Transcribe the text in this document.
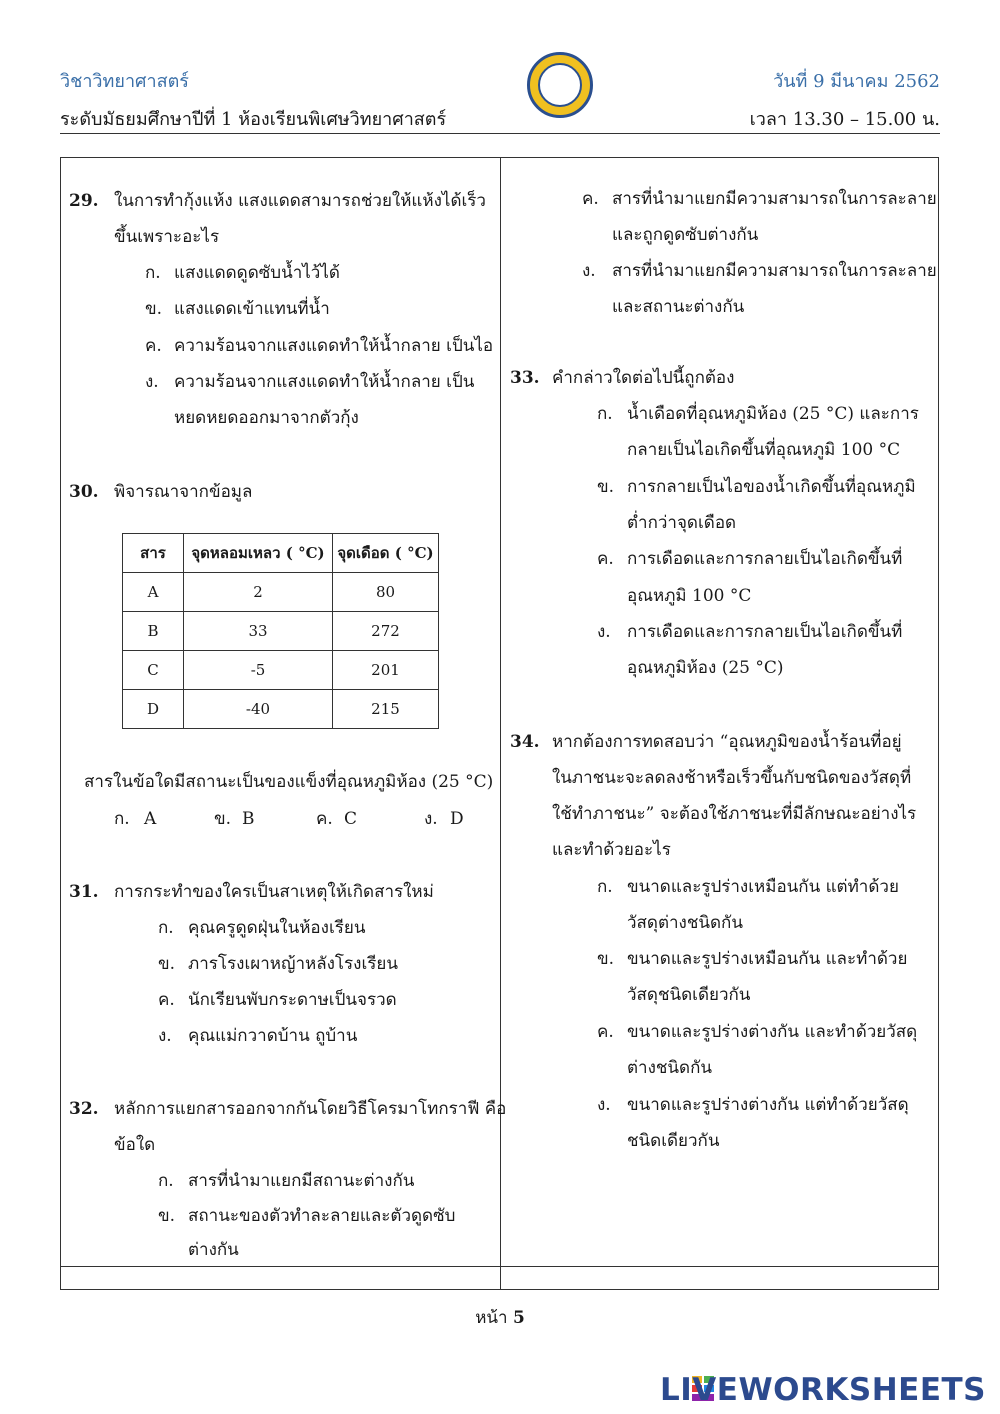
วิชาวิทยาศาสตร์
ระดับมัธยมศึกษาปีที่ 1 ห้องเรียนพิเศษวิทยาศาสตร์
วันที่ 9 มีนาคม 2562
เวลา 13.30 – 15.00 น.
29. ในการทำกุ้งแห้ง แสงแดดสามารถช่วยให้แห้งได้เร็ว
ขึ้นเพราะอะไร
ก. แสงแดดดูดซับน้ำไว้ได้
ข. แสงแดดเข้าแทนที่น้ำ
ค. ความร้อนจากแสงแดดทำให้น้ำกลาย เป็นไอ
ง. ความร้อนจากแสงแดดทำให้น้ำกลาย เป็น
หยดหยดออกมาจากตัวกุ้ง
30. พิจารณาจากข้อมูล
สาร	จุดหลอมเหลว ( °C)	จุดเดือด ( °C)
A	2	80
B	33	272
C	-5	201
D	-40	215
สารในข้อใดมีสถานะเป็นของแข็งที่อุณหภูมิห้อง (25 °C)
ก. A	ข. B	ค. C	ง. D
31. การกระทำของใครเป็นสาเหตุให้เกิดสารใหม่
ก. คุณครูดูดฝุ่นในห้องเรียน
ข. ภารโรงเผาหญ้าหลังโรงเรียน
ค. นักเรียนพับกระดาษเป็นจรวด
ง. คุณแม่กวาดบ้าน ถูบ้าน
32. หลักการแยกสารออกจากกันโดยวิธีโครมาโทกราฟี คือ
ข้อใด
ก. สารที่นำมาแยกมีสถานะต่างกัน
ข. สถานะของตัวทำละลายและตัวดูดซับ
ต่างกัน
ค. สารที่นำมาแยกมีความสามารถในการละลาย
และถูกดูดซับต่างกัน
ง. สารที่นำมาแยกมีความสามารถในการละลาย
และสถานะต่างกัน
33. คำกล่าวใดต่อไปนี้ถูกต้อง
ก. น้ำเดือดที่อุณหภูมิห้อง (25 °C) และการ
กลายเป็นไอเกิดขึ้นที่อุณหภูมิ 100 °C
ข. การกลายเป็นไอของน้ำเกิดขึ้นที่อุณหภูมิ
ต่ำกว่าจุดเดือด
ค. การเดือดและการกลายเป็นไอเกิดขึ้นที่
อุณหภูมิ 100 °C
ง. การเดือดและการกลายเป็นไอเกิดขึ้นที่
อุณหภูมิห้อง (25 °C)
34. หากต้องการทดสอบว่า “อุณหภูมิของน้ำร้อนที่อยู่
ในภาชนะจะลดลงช้าหรือเร็วขึ้นกับชนิดของวัสดุที่
ใช้ทำภาชนะ” จะต้องใช้ภาชนะที่มีลักษณะอย่างไร
และทำด้วยอะไร
ก. ขนาดและรูปร่างเหมือนกัน แต่ทำด้วย
วัสดุต่างชนิดกัน
ข. ขนาดและรูปร่างเหมือนกัน และทำด้วย
วัสดุชนิดเดียวกัน
ค. ขนาดและรูปร่างต่างกัน และทำด้วยวัสดุ
ต่างชนิดกัน
ง. ขนาดและรูปร่างต่างกัน แต่ทำด้วยวัสดุ
ชนิดเดียวกัน
หน้า 5
LIVEWORKSHEETS
